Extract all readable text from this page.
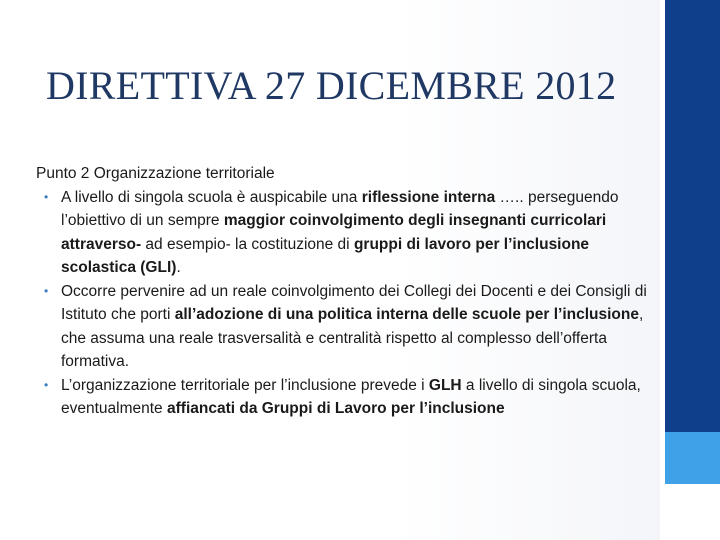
DIRETTIVA 27 DICEMBRE 2012

Punto 2 Organizzazione territoriale

• A livello di singola scuola è auspicabile una riflessione interna ….. perseguendo l’obiettivo di un sempre maggior coinvolgimento degli insegnanti curricolari attraverso- ad esempio- la costituzione di gruppi di lavoro per l’inclusione scolastica (GLI).
• Occorre pervenire ad un reale coinvolgimento dei Collegi dei Docenti e dei Consigli di Istituto che porti all’adozione di una politica interna delle scuole per l’inclusione, che assuma una reale trasversalità e centralità rispetto al complesso dell’offerta formativa.
• L’organizzazione territoriale per l’inclusione prevede i GLH a livello di singola scuola, eventualmente affiancati da Gruppi di Lavoro per l’inclusione
